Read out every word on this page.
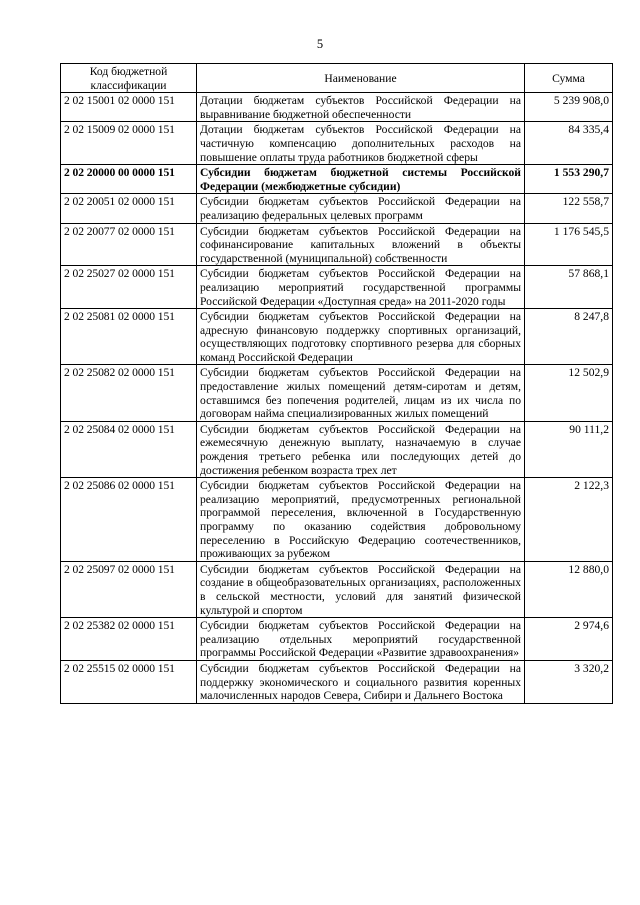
5
Код бюджетной классификации	Наименование	Сумма
2 02 15001 02 0000 151	Дотации бюджетам субъектов Российской Федерации на выравнивание бюджетной обеспеченности	5 239 908,0
2 02 15009 02 0000 151	Дотации бюджетам субъектов Российской Федерации на частичную компенсацию дополнительных расходов на повышение оплаты труда работников бюджетной сферы	84 335,4
2 02 20000 00 0000 151	Субсидии бюджетам бюджетной системы Российской Федерации (межбюджетные субсидии)	1 553 290,7
2 02 20051 02 0000 151	Субсидии бюджетам субъектов Российской Федерации на реализацию федеральных целевых программ	122 558,7
2 02 20077 02 0000 151	Субсидии бюджетам субъектов Российской Федерации на софинансирование капитальных вложений в объекты государственной (муниципальной) собственности	1 176 545,5
2 02 25027 02 0000 151	Субсидии бюджетам субъектов Российской Федерации на реализацию мероприятий государственной программы Российской Федерации «Доступная среда» на 2011-2020 годы	57 868,1
2 02 25081 02 0000 151	Субсидии бюджетам субъектов Российской Федерации на адресную финансовую поддержку спортивных организаций, осуществляющих подготовку спортивного резерва для сборных команд Российской Федерации	8 247,8
2 02 25082 02 0000 151	Субсидии бюджетам субъектов Российской Федерации на предоставление жилых помещений детям-сиротам и детям, оставшимся без попечения родителей, лицам из их числа по договорам найма специализированных жилых помещений	12 502,9
2 02 25084 02 0000 151	Субсидии бюджетам субъектов Российской Федерации на ежемесячную денежную выплату, назначаемую в случае рождения третьего ребенка или последующих детей до достижения ребенком возраста трех лет	90 111,2
2 02 25086 02 0000 151	Субсидии бюджетам субъектов Российской Федерации на реализацию мероприятий, предусмотренных региональной программой переселения, включенной в Государственную программу по оказанию содействия добровольному переселению в Российскую Федерацию соотечественников, проживающих за рубежом	2 122,3
2 02 25097 02 0000 151	Субсидии бюджетам субъектов Российской Федерации на создание в общеобразовательных организациях, расположенных в сельской местности, условий для занятий физической культурой и спортом	12 880,0
2 02 25382 02 0000 151	Субсидии бюджетам субъектов Российской Федерации на реализацию отдельных мероприятий государственной программы Российской Федерации «Развитие здравоохранения»	2 974,6
2 02 25515 02 0000 151	Субсидии бюджетам субъектов Российской Федерации на поддержку экономического и социального развития коренных малочисленных народов Севера, Сибири и Дальнего Востока	3 320,2
